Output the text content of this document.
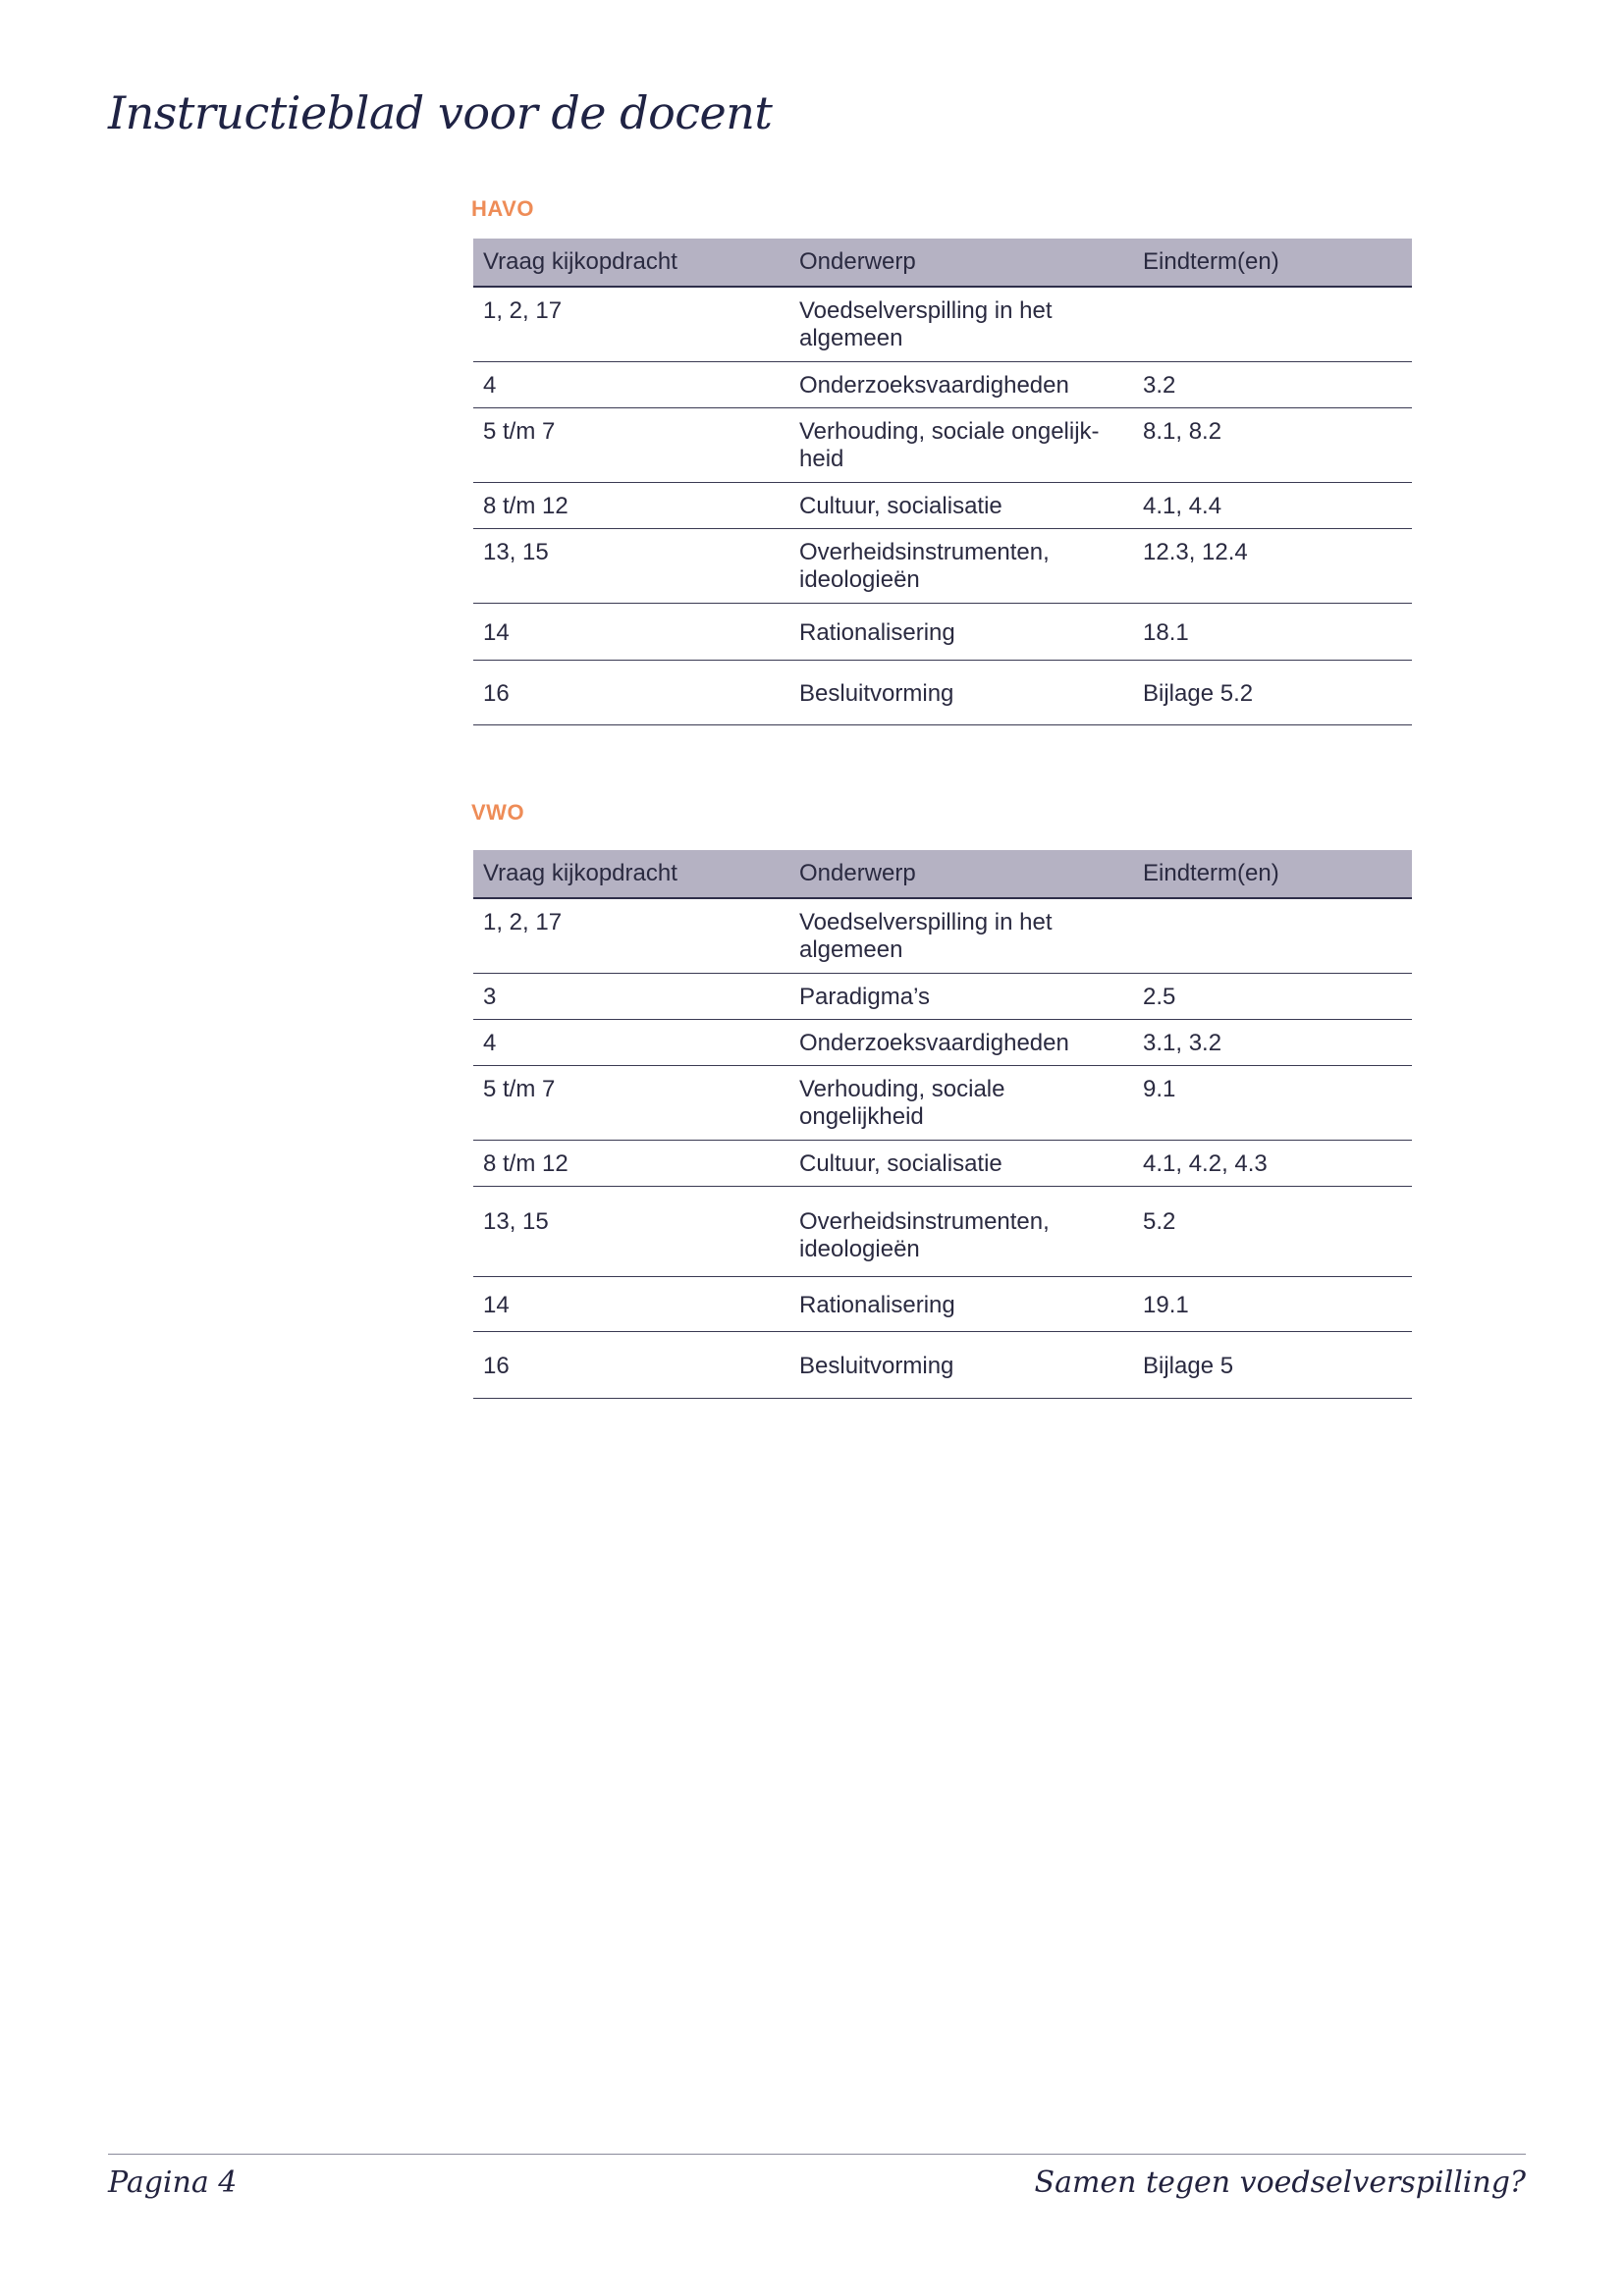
Instructieblad voor de docent
HAVO
Vraag kijkopdracht	Onderwerp	Eindterm(en)
1, 2, 17	Voedselverspilling in het algemeen	
4	Onderzoeksvaardigheden	3.2
5 t/m 7	Verhouding, sociale ongelijk-heid	8.1, 8.2
8 t/m 12	Cultuur, socialisatie	4.1, 4.4
13, 15	Overheidsinstrumenten, ideologieën	12.3, 12.4
14	Rationalisering	18.1
16	Besluitvorming	Bijlage 5.2
VWO
Vraag kijkopdracht	Onderwerp	Eindterm(en)
1, 2, 17	Voedselverspilling in het algemeen	
3	Paradigma’s	2.5
4	Onderzoeksvaardigheden	3.1, 3.2
5 t/m 7	Verhouding, sociale ongelijkheid	9.1
8 t/m 12	Cultuur, socialisatie	4.1, 4.2, 4.3
13, 15	Overheidsinstrumenten, ideologieën	5.2
14	Rationalisering	19.1
16	Besluitvorming	Bijlage 5

Pagina 4	Samen tegen voedselverspilling?
